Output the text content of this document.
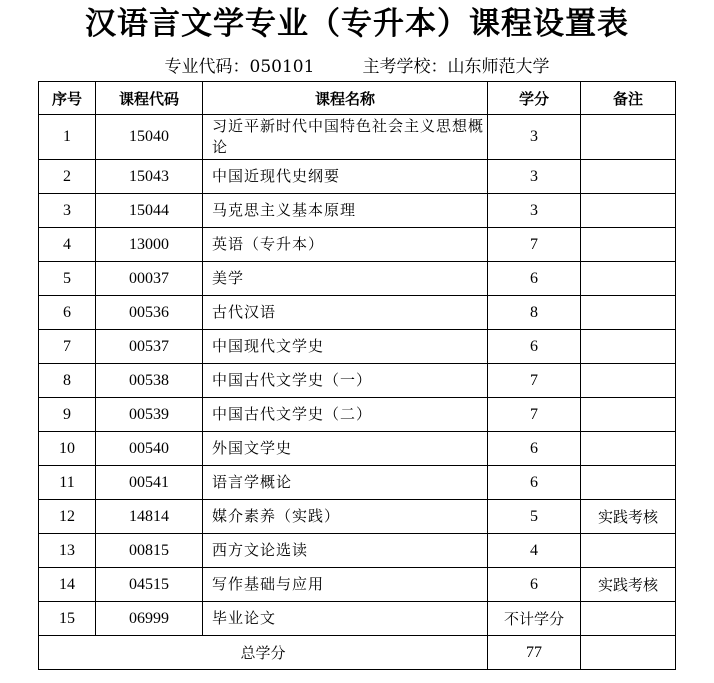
汉语言文学专业（专升本）课程设置表
专业代码：050101	主考学校：山东师范大学
序号	课程代码	课程名称	学分	备注
1	15040	习近平新时代中国特色社会主义思想概论	3	
2	15043	中国近现代史纲要	3	
3	15044	马克思主义基本原理	3	
4	13000	英语（专升本）	7	
5	00037	美学	6	
6	00536	古代汉语	8	
7	00537	中国现代文学史	6	
8	00538	中国古代文学史（一）	7	
9	00539	中国古代文学史（二）	7	
10	00540	外国文学史	6	
11	00541	语言学概论	6	
12	14814	媒介素养（实践）	5	实践考核
13	00815	西方文论选读	4	
14	04515	写作基础与应用	6	实践考核
15	06999	毕业论文	不计学分	
总学分			77	
